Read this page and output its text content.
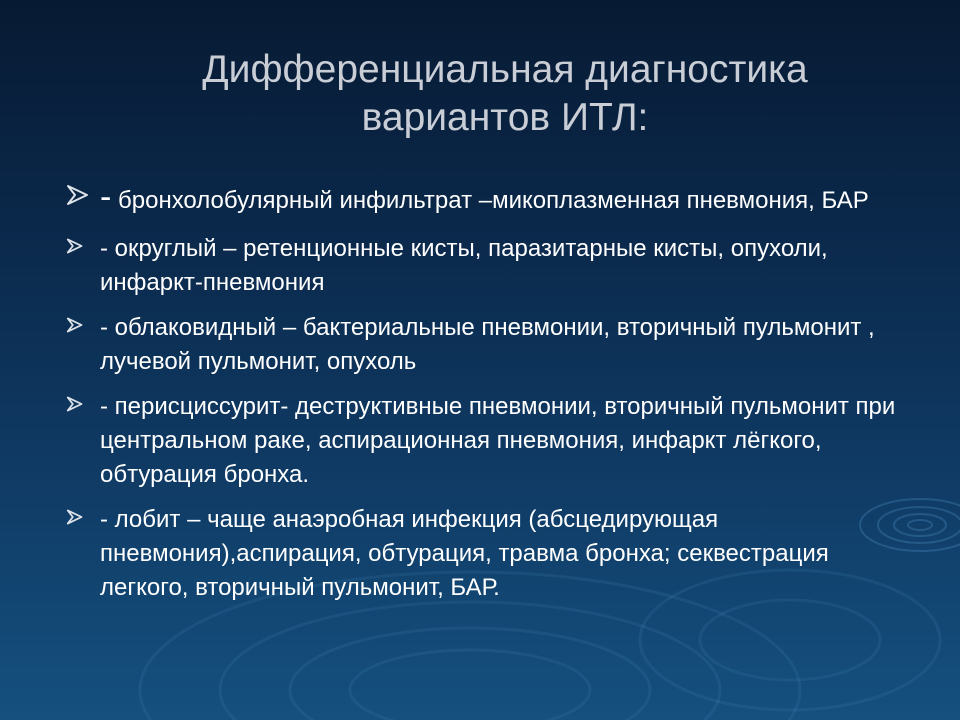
Дифференциальная диагностика
вариантов ИТЛ:
- бронхолобулярный инфильтрат –микоплазменная пневмония, БАР
- округлый – ретенционные кисты, паразитарные кисты, опухоли, инфаркт-пневмония
- облаковидный – бактериальные пневмонии, вторичный пульмонит , лучевой пульмонит, опухоль
- перисциссурит- деструктивные пневмонии, вторичный пульмонит при центральном раке, аспирационная пневмония, инфаркт лёгкого, обтурация бронха.
- лобит – чаще анаэробная инфекция (абсцедирующая пневмония),аспирация, обтурация, травма бронха; секвестрация легкого, вторичный пульмонит, БАР.
